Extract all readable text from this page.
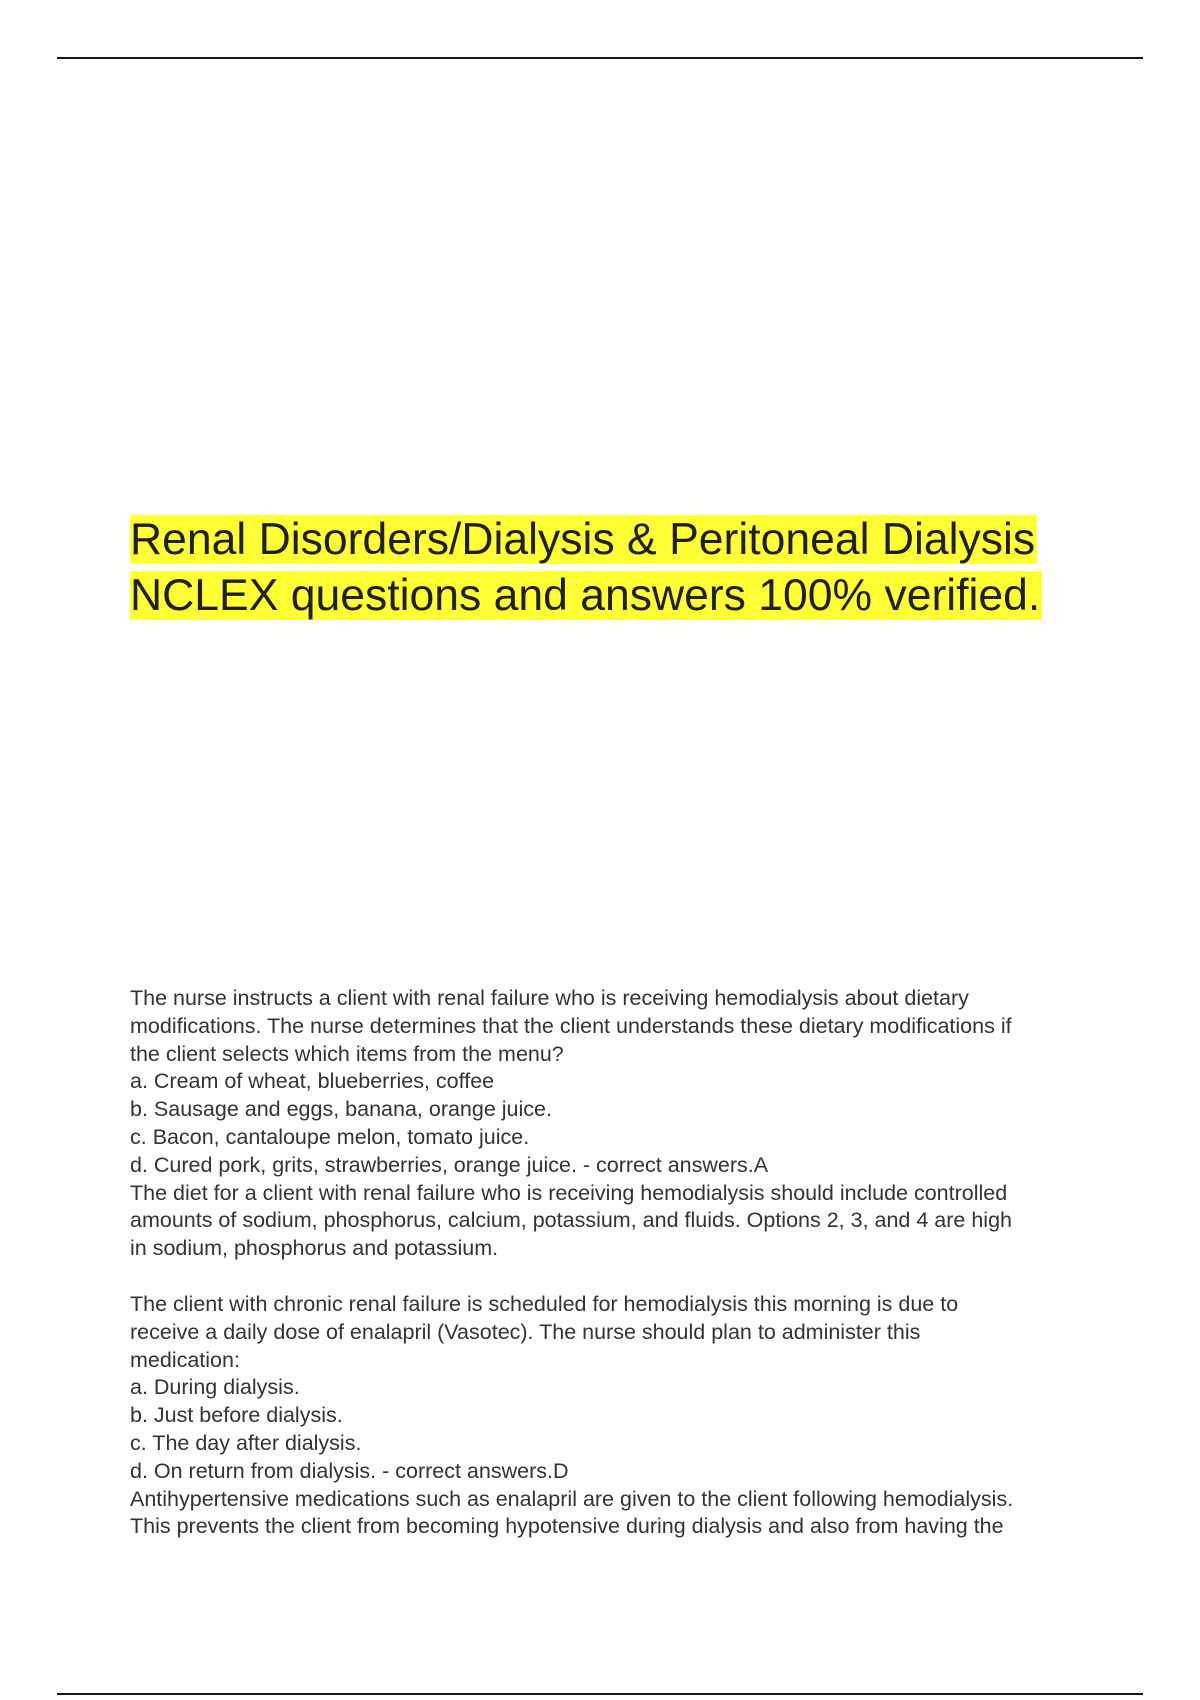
Renal Disorders/Dialysis & Peritoneal Dialysis
NCLEX questions and answers 100% verified.
The nurse instructs a client with renal failure who is receiving hemodialysis about dietary
modifications. The nurse determines that the client understands these dietary modifications if
the client selects which items from the menu?
a. Cream of wheat, blueberries, coffee
b. Sausage and eggs, banana, orange juice.
c. Bacon, cantaloupe melon, tomato juice.
d. Cured pork, grits, strawberries, orange juice. - correct answers.A
The diet for a client with renal failure who is receiving hemodialysis should include controlled
amounts of sodium, phosphorus, calcium, potassium, and fluids. Options 2, 3, and 4 are high
in sodium, phosphorus and potassium.
The client with chronic renal failure is scheduled for hemodialysis this morning is due to
receive a daily dose of enalapril (Vasotec). The nurse should plan to administer this
medication:
a. During dialysis.
b. Just before dialysis.
c. The day after dialysis.
d. On return from dialysis. - correct answers.D
Antihypertensive medications such as enalapril are given to the client following hemodialysis.
This prevents the client from becoming hypotensive during dialysis and also from having the
